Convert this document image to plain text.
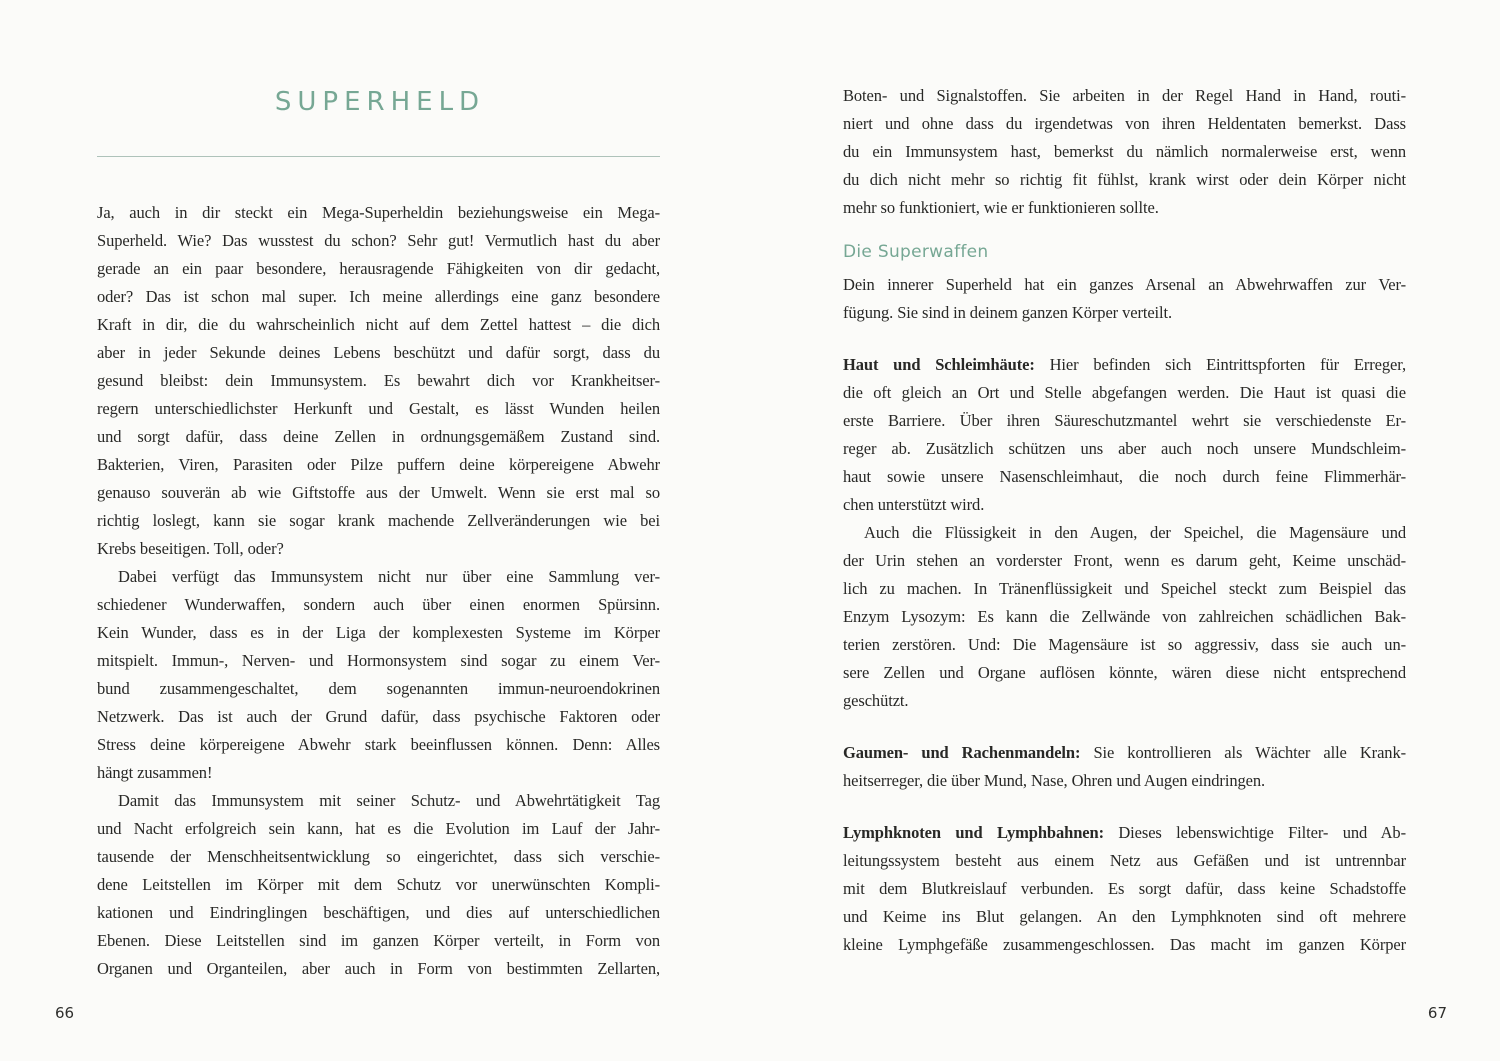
SUPERHELD
Ja, auch in dir steckt ein Mega-Superheldin beziehungsweise ein Mega-
Superheld. Wie? Das wusstest du schon? Sehr gut! Vermutlich hast du aber
gerade an ein paar besondere, herausragende Fähigkeiten von dir gedacht,
oder? Das ist schon mal super. Ich meine allerdings eine ganz besondere
Kraft in dir, die du wahrscheinlich nicht auf dem Zettel hattest – die dich
aber in jeder Sekunde deines Lebens beschützt und dafür sorgt, dass du
gesund bleibst: dein Immunsystem. Es bewahrt dich vor Krankheitser-
regern unterschiedlichster Herkunft und Gestalt, es lässt Wunden heilen
und sorgt dafür, dass deine Zellen in ordnungsgemäßem Zustand sind.
Bakterien, Viren, Parasiten oder Pilze puffern deine körpereigene Abwehr
genauso souverän ab wie Giftstoffe aus der Umwelt. Wenn sie erst mal so
richtig loslegt, kann sie sogar krank machende Zellveränderungen wie bei
Krebs beseitigen. Toll, oder?
Dabei verfügt das Immunsystem nicht nur über eine Sammlung ver-
schiedener Wunderwaffen, sondern auch über einen enormen Spürsinn.
Kein Wunder, dass es in der Liga der komplexesten Systeme im Körper
mitspielt. Immun-, Nerven- und Hormonsystem sind sogar zu einem Ver-
bund zusammengeschaltet, dem sogenannten immun-neuroendokrinen
Netzwerk. Das ist auch der Grund dafür, dass psychische Faktoren oder
Stress deine körpereigene Abwehr stark beeinflussen können. Denn: Alles
hängt zusammen!
Damit das Immunsystem mit seiner Schutz- und Abwehrtätigkeit Tag
und Nacht erfolgreich sein kann, hat es die Evolution im Lauf der Jahr-
tausende der Menschheitsentwicklung so eingerichtet, dass sich verschie-
dene Leitstellen im Körper mit dem Schutz vor unerwünschten Kompli-
kationen und Eindringlingen beschäftigen, und dies auf unterschiedlichen
Ebenen. Diese Leitstellen sind im ganzen Körper verteilt, in Form von
Organen und Organteilen, aber auch in Form von bestimmten Zellarten,
Boten- und Signalstoffen. Sie arbeiten in der Regel Hand in Hand, routi-
niert und ohne dass du irgendetwas von ihren Heldentaten bemerkst. Dass
du ein Immunsystem hast, bemerkst du nämlich normalerweise erst, wenn
du dich nicht mehr so richtig fit fühlst, krank wirst oder dein Körper nicht
mehr so funktioniert, wie er funktionieren sollte.
Die Superwaffen
Dein innerer Superheld hat ein ganzes Arsenal an Abwehrwaffen zur Ver-
fügung. Sie sind in deinem ganzen Körper verteilt.
Haut und Schleimhäute: Hier befinden sich Eintrittspforten für Erreger,
die oft gleich an Ort und Stelle abgefangen werden. Die Haut ist quasi die
erste Barriere. Über ihren Säureschutzmantel wehrt sie verschiedenste Er-
reger ab. Zusätzlich schützen uns aber auch noch unsere Mundschleim-
haut sowie unsere Nasenschleimhaut, die noch durch feine Flimmerhär-
chen unterstützt wird.
Auch die Flüssigkeit in den Augen, der Speichel, die Magensäure und
der Urin stehen an vorderster Front, wenn es darum geht, Keime unschäd-
lich zu machen. In Tränenflüssigkeit und Speichel steckt zum Beispiel das
Enzym Lysozym: Es kann die Zellwände von zahlreichen schädlichen Bak-
terien zerstören. Und: Die Magensäure ist so aggressiv, dass sie auch un-
sere Zellen und Organe auflösen könnte, wären diese nicht entsprechend
geschützt.
Gaumen- und Rachenmandeln: Sie kontrollieren als Wächter alle Krank-
heitserreger, die über Mund, Nase, Ohren und Augen eindringen.
Lymphknoten und Lymphbahnen: Dieses lebenswichtige Filter- und Ab-
leitungssystem besteht aus einem Netz aus Gefäßen und ist untrennbar
mit dem Blutkreislauf verbunden. Es sorgt dafür, dass keine Schadstoffe
und Keime ins Blut gelangen. An den Lymphknoten sind oft mehrere
kleine Lymphgefäße zusammengeschlossen. Das macht im ganzen Körper
66	67
